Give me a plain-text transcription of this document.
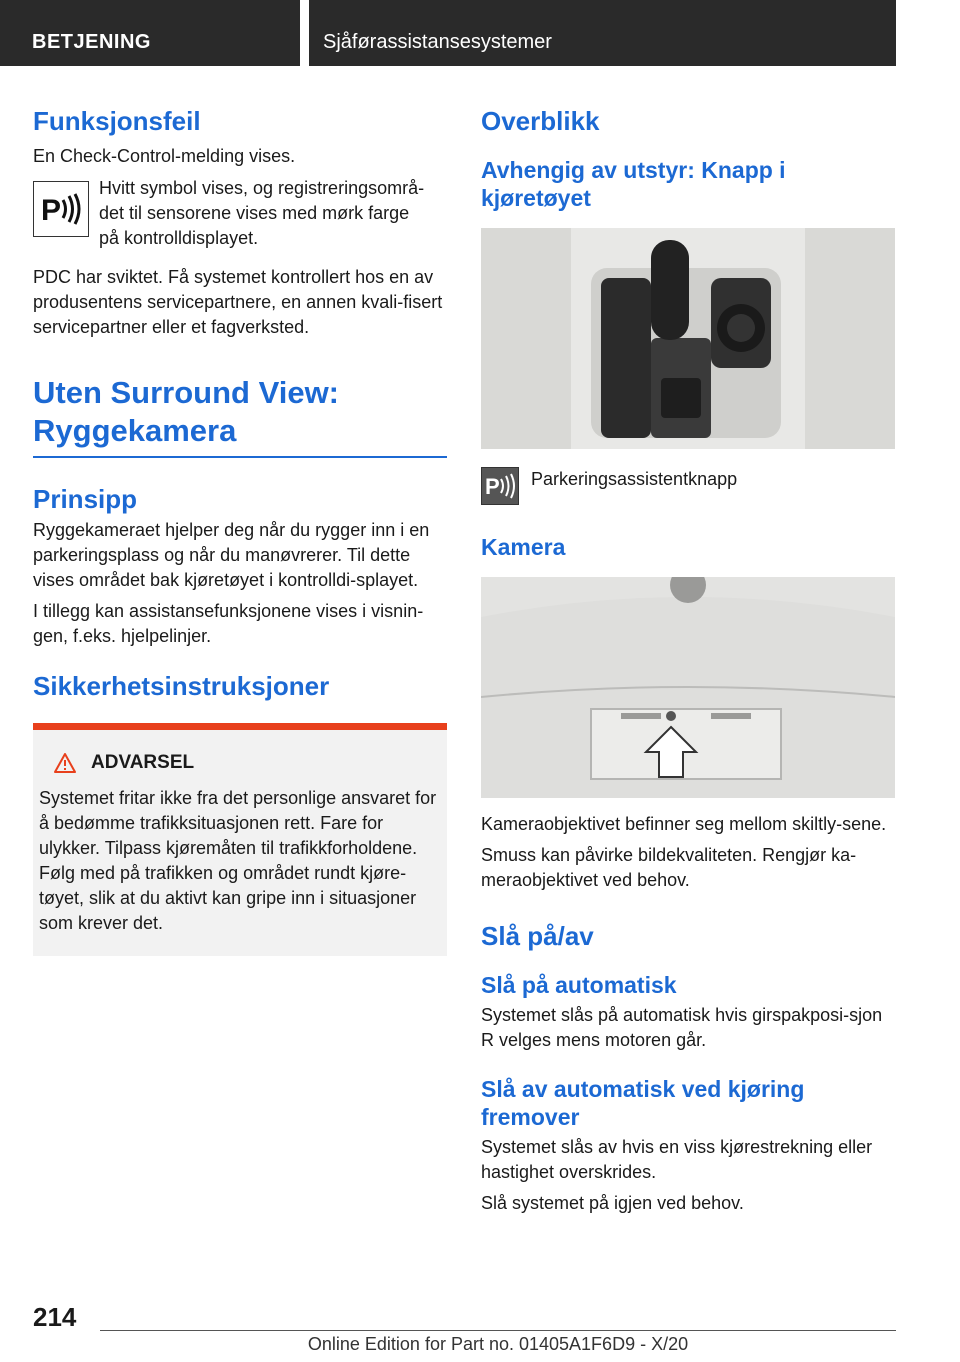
BETJENING	Sjåførassistansesystemer
Funksjonsfeil

En Check-Control-melding vises.

P

Hvitt symbol vises, og registreringsområ-
det til sensorene vises med mørk farge
på kontrolldisplayet.

PDC har sviktet. Få systemet kontrollert hos en av produsentens servicepartnere, en annen kvali-fisert servicepartner eller et fagverksted.

Uten Surround View:
Ryggekamera
Prinsipp

Ryggekameraet hjelper deg når du rygger inn i en parkeringsplass og når du manøvrerer. Til dette vises området bak kjøretøyet i kontrolldi-splayet.

I tillegg kan assistansefunksjonene vises i visnin-gen, f.eks. hjelpelinjer.

Sikkerhetsinstruksjoner
ADVARSEL

Systemet fritar ikke fra det personlige ansvaret for å bedømme trafikksituasjonen rett. Fare for ulykker. Tilpass kjøremåten til trafikkforholdene. Følg med på trafikken og området rundt kjøre-tøyet, slik at du aktivt kan gripe inn i situasjoner som krever det.

Overblikk
Avhengig av utstyr: Knapp i kjøretøyet
P Parkeringsassistentknapp

Kamera

Kameraobjektivet befinner seg mellom skiltly-sene.

Smuss kan påvirke bildekvaliteten. Rengjør ka-meraobjektivet ved behov.

Slå på/av
Slå på automatisk

Systemet slås på automatisk hvis girspakposi-sjon R velges mens motoren går.

Slå av automatisk ved kjøring fremover

Systemet slås av hvis en viss kjørestrekning eller hastighet overskrides.

Slå systemet på igjen ved behov.

214
Online Edition for Part no. 01405A1F6D9 - X/20
